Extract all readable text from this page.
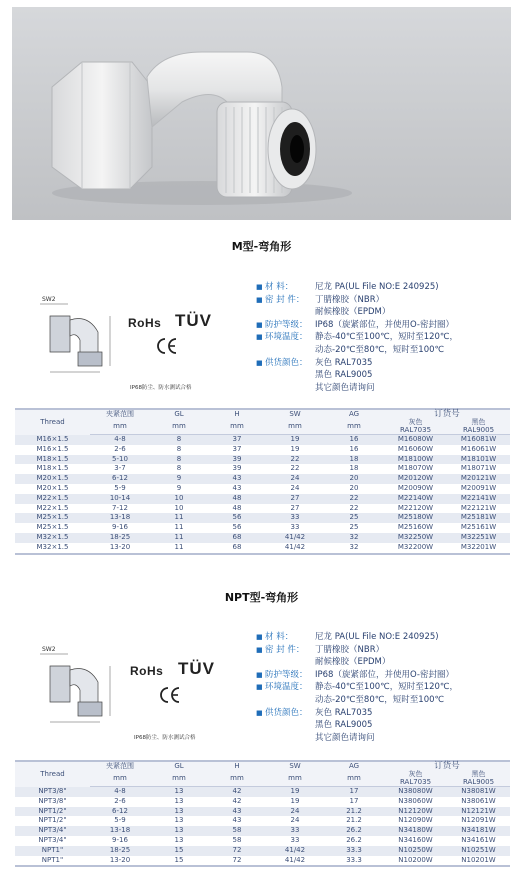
M型-弯角形
SW2
RoHs TÜV
IP68防尘、防水测试合格
■ 材 料：	尼龙 PA(UL File NO:E 240925)
■ 密 封 件：	丁腈橡胶（NBR）
耐候橡胶（EPDM）
■ 防护等级： IP68（旋紧部位，并使用O-密封圈）
■ 环境温度： 静态-40℃至100℃，短时至120℃，
动态-20℃至80℃，短时至100℃
■ 供货颜色： 灰色 RAL7035
黑色 RAL9005
其它颜色请询问
Thread	夹紧范围	GL	H	SW	AG	订货号	
	mm	mm	mm	mm	mm	灰色
RAL7035	黑色
RAL9005
M16×1.5	4-8	8	37	19	16	M16080W	M16081W
M16×1.5	2-6	8	37	19	16	M16060W	M16061W
M18×1.5	5-10	8	39	22	18	M18100W	M18101W
M18×1.5	3-7	8	39	22	18	M18070W	M18071W
M20×1.5	6-12	9	43	24	20	M20120W	M20121W
M20×1.5	5-9	9	43	24	20	M20090W	M20091W
M22×1.5	10-14	10	48	27	22	M22140W	M22141W
M22×1.5	7-12	10	48	27	22	M22120W	M22121W
M25×1.5	13-18	11	56	33	25	M25180W	M25181W
M25×1.5	9-16	11	56	33	25	M25160W	M25161W
M32×1.5	18-25	11	68	41/42	32	M32250W	M32251W
M32×1.5	13-20	11	68	41/42	32	M32200W	M32201W
NPT型-弯角形
SW2
RoHs TÜV
IP68防尘、防水测试合格
■ 材 料：	尼龙 PA(UL File NO:E 240925)
■ 密 封 件：	丁腈橡胶（NBR）
耐候橡胶（EPDM）
■ 防护等级： IP68（旋紧部位，并使用O-密封圈）
■ 环境温度： 静态-40℃至100℃，短时至120℃，
动态-20℃至80℃，短时至100℃
■ 供货颜色： 灰色 RAL7035
黑色 RAL9005
其它颜色请询问
Thread	夹紧范围	GL	H	SW	AG	订货号	
	mm	mm	mm	mm	mm	灰色
RAL7035	黑色
RAL9005
NPT3/8"	4-8	13	42	19	17	N38080W	N38081W
NPT3/8"	2-6	13	42	19	17	N38060W	N38061W
NPT1/2"	6-12	13	43	24	21.2	N12120W	N12121W
NPT1/2"	5-9	13	43	24	21.2	N12090W	N12091W
NPT3/4"	13-18	13	58	33	26.2	N34180W	N34181W
NPT3/4"	9-16	13	58	33	26.2	N34160W	N34161W
NPT1"	18-25	15	72	41/42	33.3	N10250W	N10251W
NPT1"	13-20	15	72	41/42	33.3	N10200W	N10201W
